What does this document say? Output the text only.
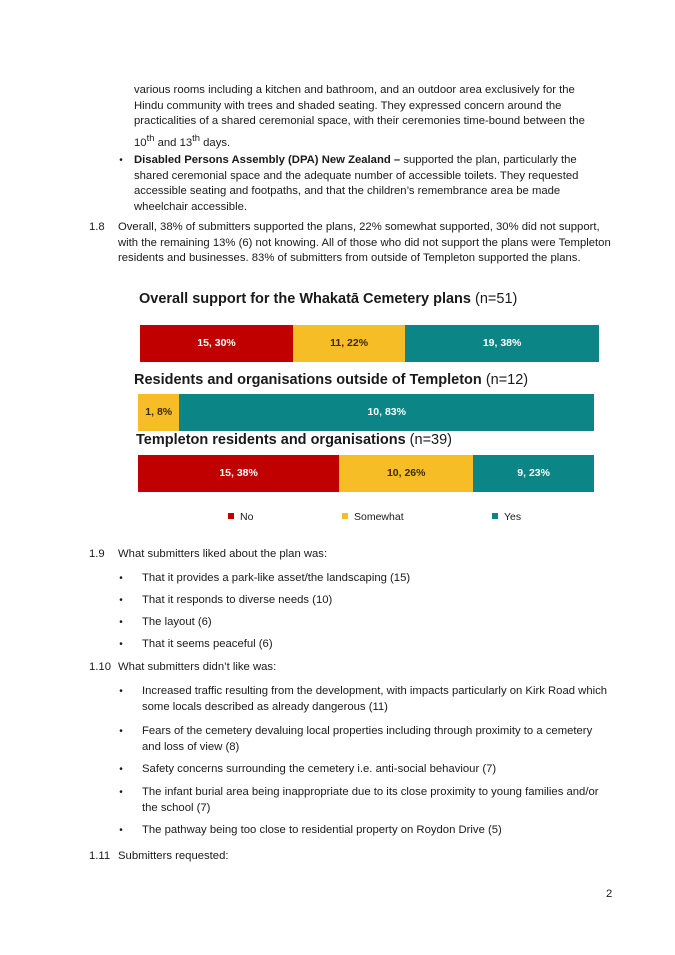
various rooms including a kitchen and bathroom, and an outdoor area exclusively for the Hindu community with trees and shaded seating. They expressed concern around the practicalities of a shared ceremonial space, with their ceremonies time-bound between the 10th and 13th days.

•

Disabled Persons Assembly (DPA) New Zealand – supported the plan, particularly the shared ceremonial space and the adequate number of accessible toilets. They requested accessible seating and footpaths, and that the children’s remembrance area be made wheelchair accessible.

1.8 Overall, 38% of submitters supported the plans, 22% somewhat supported, 30% did not support, with the remaining 13% (6) not knowing. All of those who did not support the plans were Templeton residents and businesses. 83% of submitters from outside of Templeton supported the plans.

Overall support for the Whakatā Cemetery plans (n=51)
15, 30%	11, 22%	19, 38%
Residents and organisations outside of Templeton (n=12)
1, 8%	10, 83%
Templeton residents and organisations (n=39)
15, 38%	10, 26%	9, 23%
No	Somewhat	Yes
1.9 What submitters liked about the plan was:

•

That it provides a park-like asset/the landscaping (15)

•

That it responds to diverse needs (10)

•

The layout (6)

•

That it seems peaceful (6)

1.10 What submitters didn’t like was:

•

Increased traffic resulting from the development, with impacts particularly on Kirk Road which some locals described as already dangerous (11)

•

Fears of the cemetery devaluing local properties including through proximity to a cemetery and loss of view (8)

•

Safety concerns surrounding the cemetery i.e. anti-social behaviour (7)

•

The infant burial area being inappropriate due to its close proximity to young families and/or the school (7)

•

The pathway being too close to residential property on Roydon Drive (5)

1.11 Submitters requested:

2
